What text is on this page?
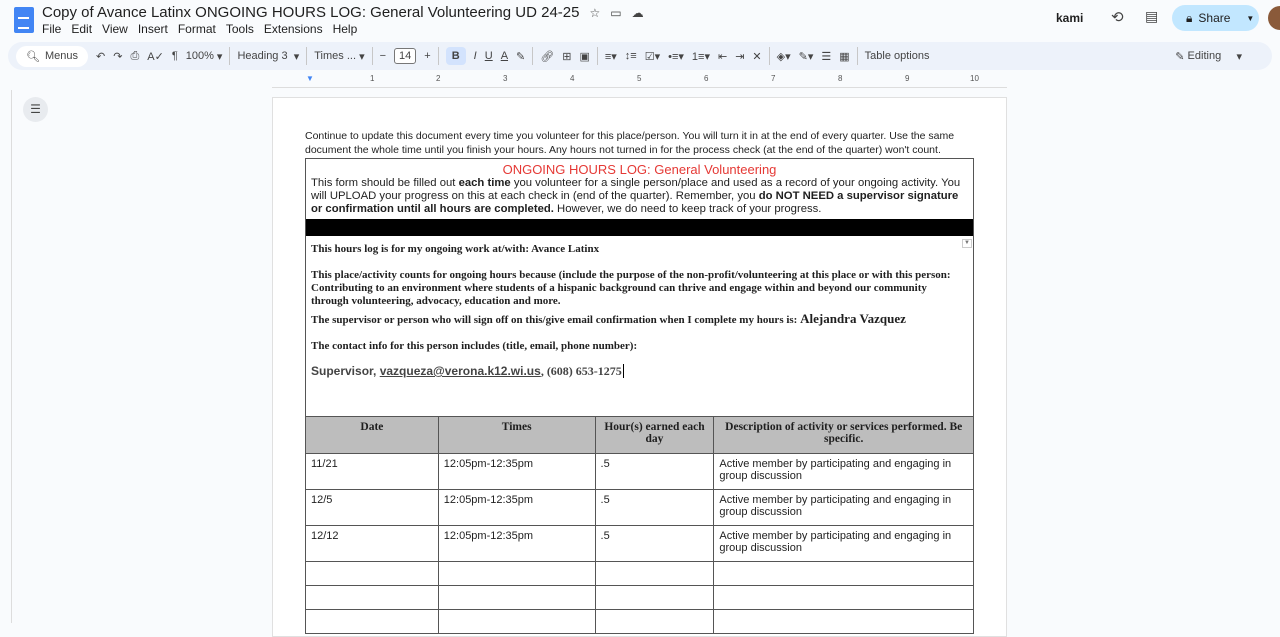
Copy of Avance Latinx ONGOING HOURS LOG: General Volunteering UD 24-25 ☆ ▭ ☁
File Edit View Insert Format Tools Extensions Help
kami ⟲ ▤ 🔒︎ Share ▼
🔍︎ Menus ↶ ↷ ⎙ A✓ ¶ 100% ▾ Heading 3 ▾ Times ... ▾ −	14	+	B	I U A ✎ 🔗︎ ⊞ ▣ ≡▾ ↕≡ ☑▾ •≡▾ 1≡▾ ⇤ ⇥ ✕ ◈▾ ✎▾ ☰ ▦ Table options	✎ Editing ▾
▼	1	2	3	4	5	6	7	8	9	10
☰
Continue to update this document every time you volunteer for this place/person. You will turn it in at the end of every quarter. Use the same document the whole time until you finish your hours. Any hours not turned in for the process check (at the end of the quarter) won't count.
ONGOING HOURS LOG: General Volunteering
This form should be filled out each time you volunteer for a single person/place and used as a record of your ongoing activity. You will UPLOAD your progress on this at each check in (end of the quarter). Remember, you do NOT NEED a supervisor signature or confirmation until all hours are completed. However, we do need to keep track of your progress.
▼
This hours log is for my ongoing work at/with: Avance Latinx
This place/activity counts for ongoing hours because (include the purpose of the non-profit/volunteering at this place or with this person: Contributing to an environment where students of a hispanic background can thrive and engage within and beyond our community through volunteering, advocacy, education and more.
The supervisor or person who will sign off on this/give email confirmation when I complete my hours is: Alejandra Vazquez
The contact info for this person includes (title, email, phone number):
Supervisor, vazqueza@verona.k12.wi.us, (608) 653-1275
Date	Times	Hour(s) earned each day	Description of activity or services performed. Be specific.
11/21	12:05pm-12:35pm	.5	Active member by participating and engaging in group discussion
12/5	12:05pm-12:35pm	.5	Active member by participating and engaging in group discussion
12/12	12:05pm-12:35pm	.5	Active member by participating and engaging in group discussion
